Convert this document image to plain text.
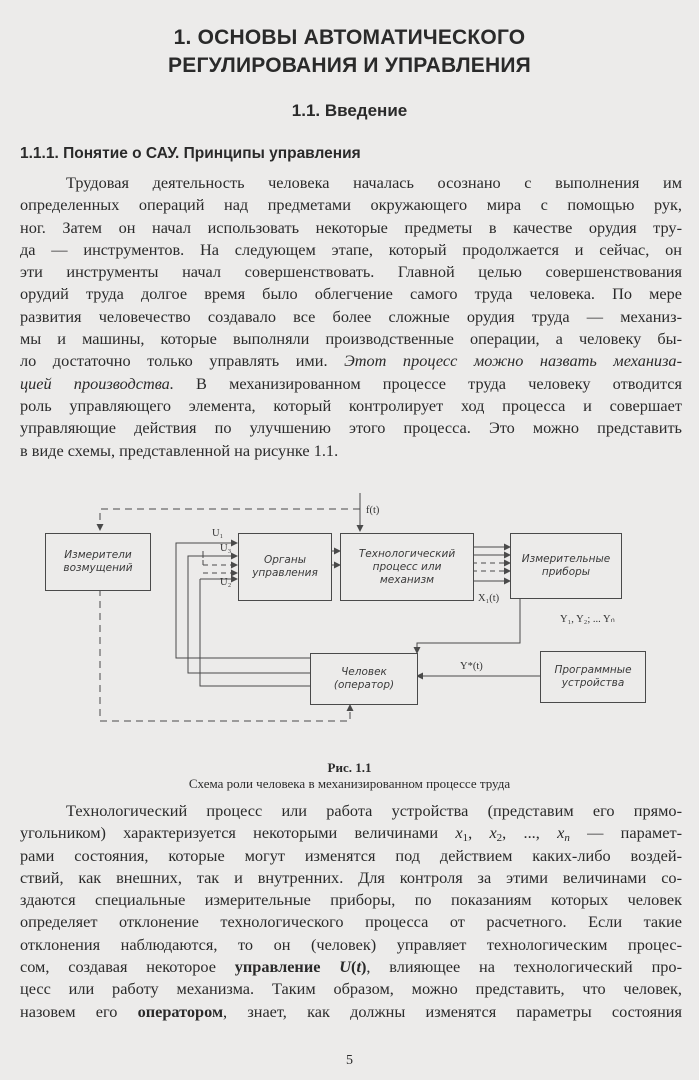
1. ОСНОВЫ АВТОМАТИЧЕСКОГО
РЕГУЛИРОВАНИЯ И УПРАВЛЕНИЯ
1.1. Введение
1.1.1. Понятие о САУ. Принципы управления
Трудовая деятельность человека началась осознано с выполнения им
определенных операций над предметами окружающего мира с помощью рук,
ног. Затем он начал использовать некоторые предметы в качестве орудия тру-
да — инструментов. На следующем этапе, который продолжается и сейчас, он
эти инструменты начал совершенствовать. Главной целью совершенствования
орудий труда долгое время было облегчение самого труда человека. По мере
развития человечество создавало все более сложные орудия труда — механиз-
мы и машины, которые выполняли производственные операции, а человеку бы-
ло достаточно только управлять ими. Этот процесс можно назвать механиза-
цией производства. В механизированном процессе труда человеку отводится
роль управляющего элемента, который контролирует ход процесса и совершает
управляющие действия по улучшению этого процесса. Это можно представить
в виде схемы, представленной на рисунке 1.1.
Измерители
возмущений
Органы
управления
Технологический
процесс или
механизм
Измерительные
приборы
Человек
(оператор)
Программные
устройства
f(t)
U₁
U₃
U₂
X₁(t)
Y₁, Y₂; ... Yₙ
Y*(t)
Рис. 1.1
Схема роли человека в механизированном процессе труда
Технологический процесс или работа устройства (представим его прямо-
угольником) характеризуется некоторыми величинами $x_1$, $x_2$, ..., $x_n$ — парамет-
рами состояния, которые могут изменятся под действием каких-либо воздей-
ствий, как внешних, так и внутренних. Для контроля за этими величинами со-
здаются специальные измерительные приборы, по показаниям которых человек
определяет отклонение технологического процесса от расчетного. Если такие
отклонения наблюдаются, то он (человек) управляет технологическим процес-
сом, создавая некоторое управление U(t), влияющее на технологический про-
цесс или работу механизма. Таким образом, можно представить, что человек,
назовем его оператором, знает, как должны изменятся параметры состояния
5
